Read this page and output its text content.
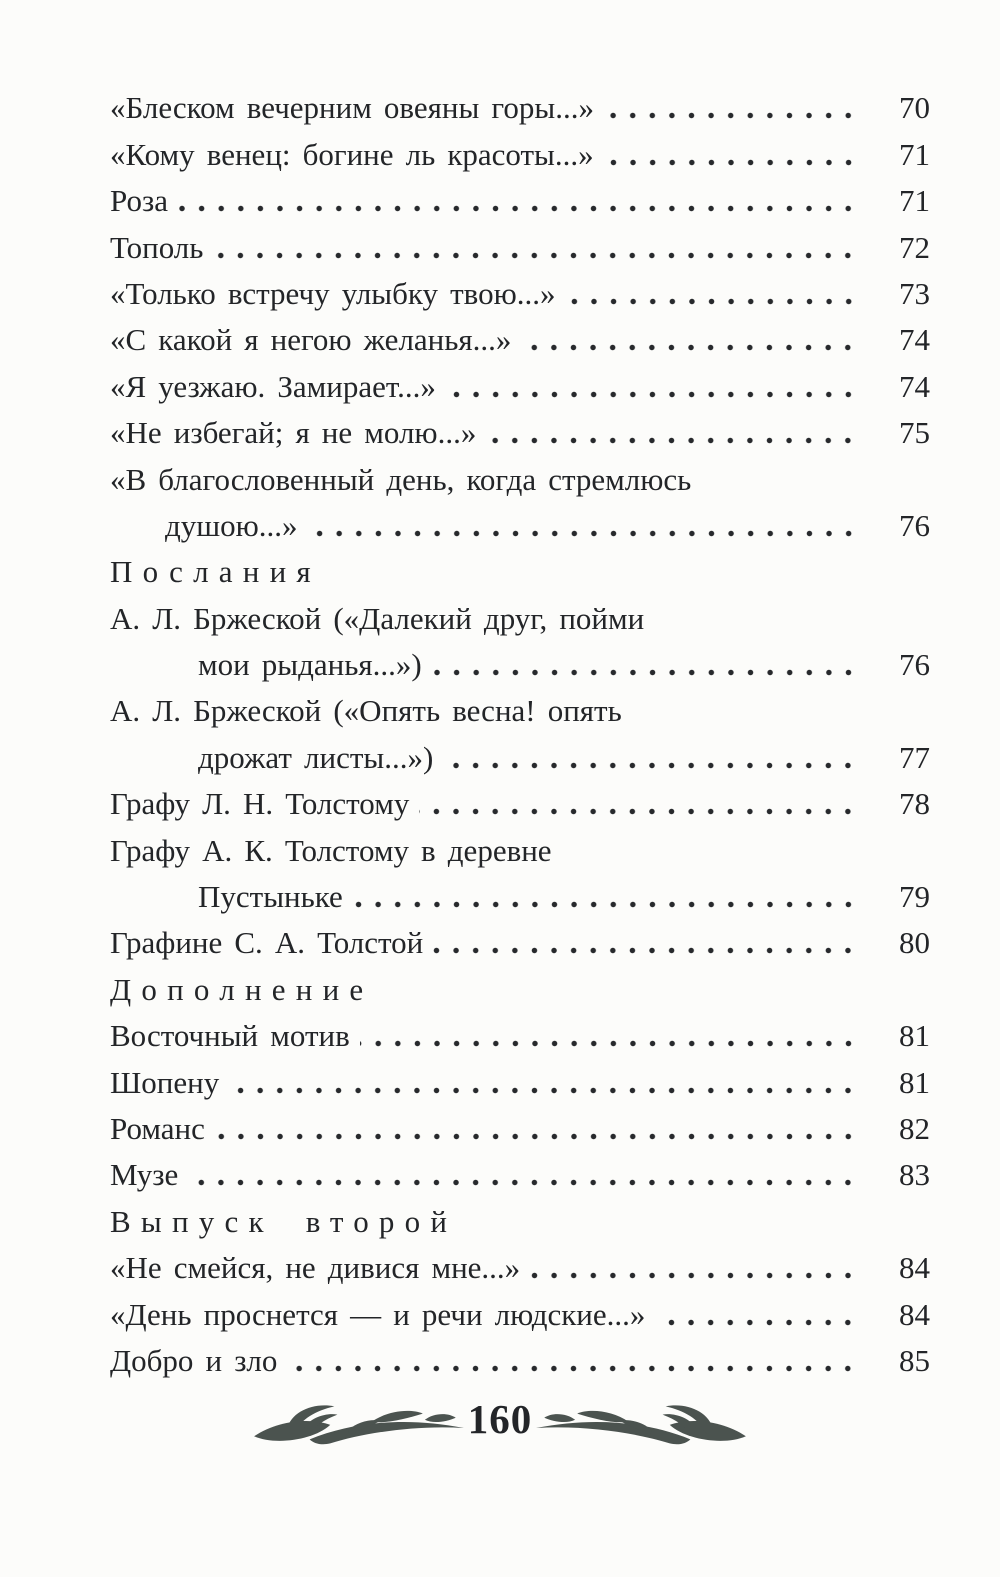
«Блеском вечерним овеяны горы...»	70
«Кому венец: богине ль красоты...»	71
Роза	71
Тополь	72
«Только встречу улыбку твою...»	73
«С какой я негою желанья...»	74
«Я уезжаю. Замирает...»	74
«Не избегай; я не молю...»	75
«В благословенный день, когда стремлюсь
душою...»	76
Послания
А. Л. Бржеской («Далекий друг, пойми
мои рыданья...»)	76
А. Л. Бржеской («Опять весна! опять
дрожат листы...»)	77
Графу Л. Н. Толстому	78
Графу А. К. Толстому в деревне
Пустыньке	79
Графине С. А. Толстой	80
Дополнение
Восточный мотив	81
Шопену	81
Романс	82
Музе	83
Выпуск второй
«Не смейся, не дивися мне...»	84
«День проснется — и речи людские...»	84
Добро и зло	85
160
